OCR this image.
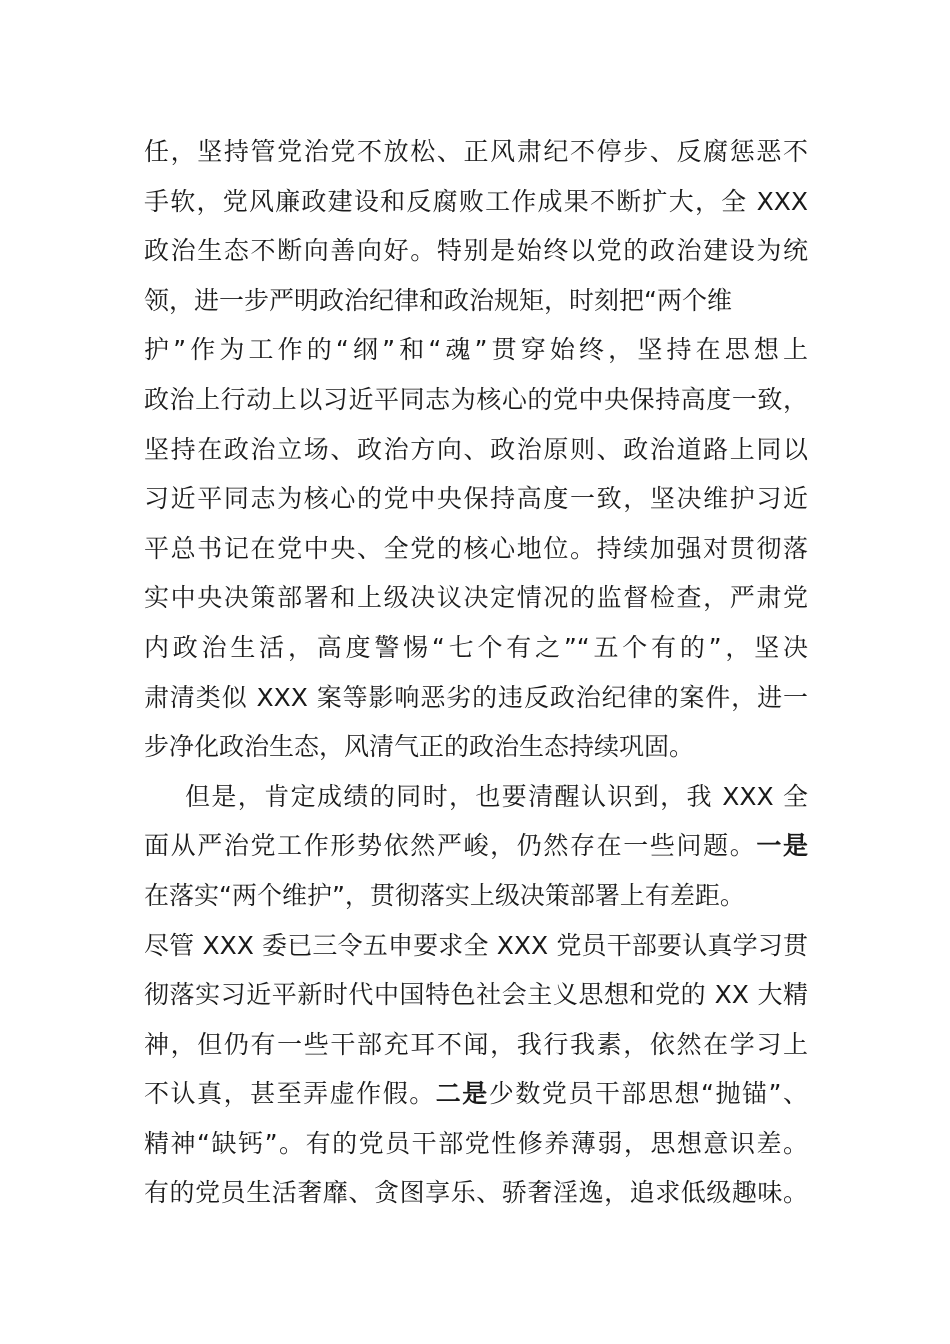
任，坚持管党治党不放松、正风肃纪不停步、反腐惩恶不
手软，党风廉政建设和反腐败工作成果不断扩大，全 XXX
政治生态不断向善向好。特别是始终以党的政治建设为统
领，进一步严明政治纪律和政治规矩，时刻把“两个维
护”作为工作的“纲”和“魂”贯穿始终，坚持在思想上
政治上行动上以习近平同志为核心的党中央保持高度一致，
坚持在政治立场、政治方向、政治原则、政治道路上同以
习近平同志为核心的党中央保持高度一致，坚决维护习近
平总书记在党中央、全党的核心地位。持续加强对贯彻落
实中央决策部署和上级决议决定情况的监督检查，严肃党
内政治生活，高度警惕“七个有之”“五个有的”，坚决
肃清类似 XXX 案等影响恶劣的违反政治纪律的案件，进一
步净化政治生态，风清气正的政治生态持续巩固。
但是，肯定成绩的同时，也要清醒认识到，我 XXX 全
面从严治党工作形势依然严峻，仍然存在一些问题。一是
在落实“两个维护”，贯彻落实上级决策部署上有差距。
尽管 XXX 委已三令五申要求全 XXX 党员干部要认真学习贯
彻落实习近平新时代中国特色社会主义思想和党的 XX 大精
神，但仍有一些干部充耳不闻，我行我素，依然在学习上
不认真，甚至弄虚作假。二是少数党员干部思想“抛锚”、
精神“缺钙”。有的党员干部党性修养薄弱，思想意识差。
有的党员生活奢靡、贪图享乐、骄奢淫逸，追求低级趣味。
